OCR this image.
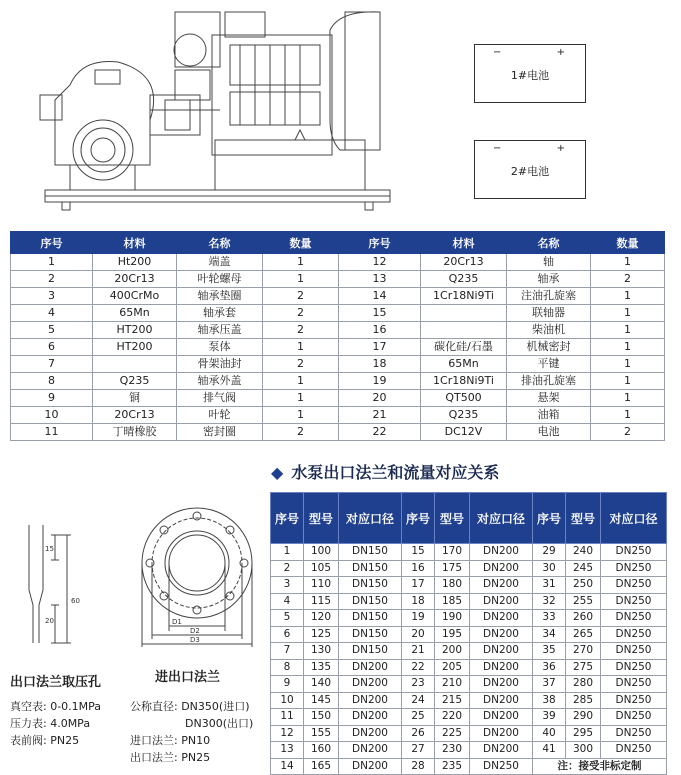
−	+
1#电池
−	+
2#电池
序号	材料	名称	数量	序号	材料	名称	数量
1	Ht200	端盖	1	12	20Cr13	轴	1
2	20Cr13	叶轮螺母	1	13	Q235	轴承	2
3	400CrMo	轴承垫圈	2	14	1Cr18Ni9Ti	注油孔旋塞	1
4	65Mn	轴承套	2	15		联轴器	1
5	HT200	轴承压盖	2	16		柴油机	1
6	HT200	泵体	1	17	碳化硅/石墨	机械密封	1
7		骨架油封	2	18	65Mn	平键	1
8	Q235	轴承外盖	1	19	1Cr18Ni9Ti	排油孔旋塞	1
9	铜	排气阀	1	20	QT500	悬架	1
10	20Cr13	叶轮	1	21	Q235	油箱	1
11	丁晴橡胶	密封圈	2	22	DC12V	电池	2
◆ 水泵出口法兰和流量对应关系
序号	型号	对应口径	序号	型号	对应口径	序号	型号	对应口径
1	100	DN150	15	170	DN200	29	240	DN250
2	105	DN150	16	175	DN200	30	245	DN250
3	110	DN150	17	180	DN200	31	250	DN250
4	115	DN150	18	185	DN200	32	255	DN250
5	120	DN150	19	190	DN200	33	260	DN250
6	125	DN150	20	195	DN200	34	265	DN250
7	130	DN150	21	200	DN200	35	270	DN250
8	135	DN200	22	205	DN200	36	275	DN250
9	140	DN200	23	210	DN200	37	280	DN250
10	145	DN200	24	215	DN200	38	285	DN250
11	150	DN200	25	220	DN200	39	290	DN250
12	155	DN200	26	225	DN200	40	295	DN250
13	160	DN200	27	230	DN200	41	300	DN250
14	165	DN200	28	235	DN250	注：接受非标定制		
15
60
20	D1
D2
D3
出口法兰取压孔	进出口法兰
真空表: 0-0.1MPa
压力表: 4.0MPa
表前阀: PN25
公称直径: DN350(进口)
DN300(出口)
进口法兰: PN10
出口法兰: PN25
